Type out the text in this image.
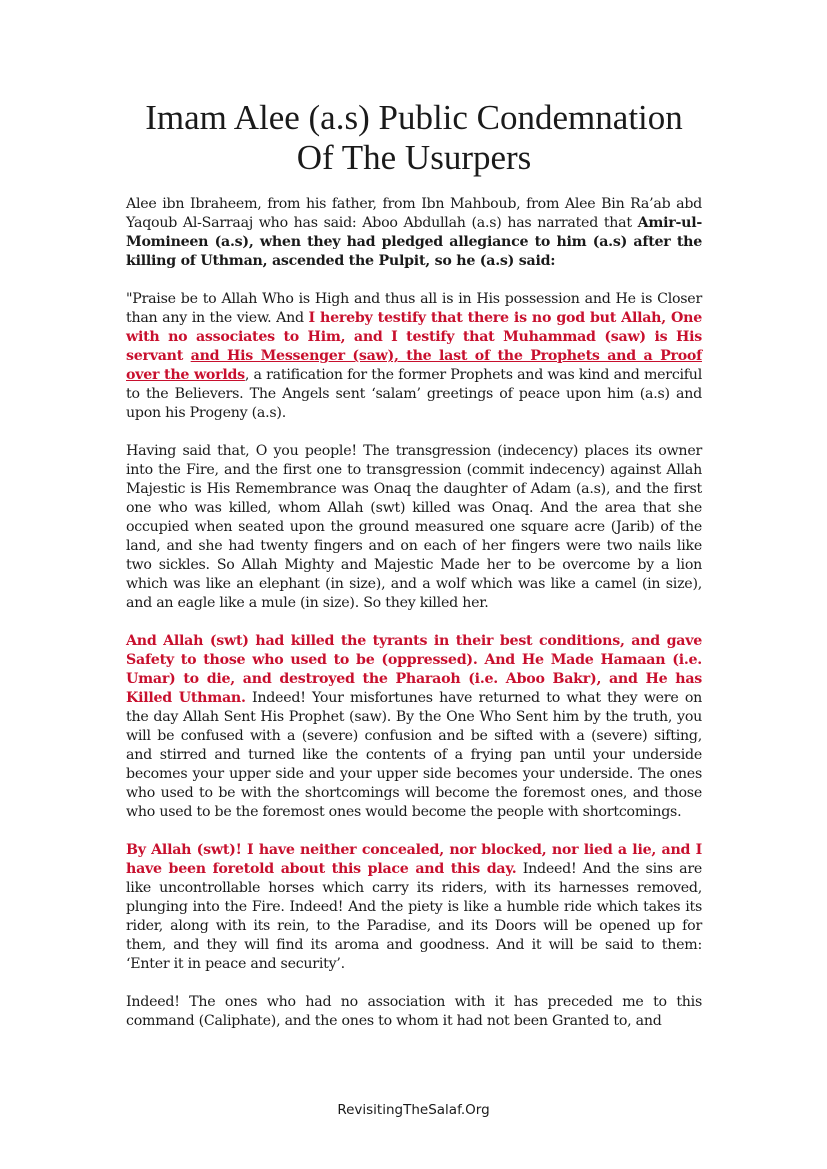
Imam Alee (a.s) Public Condemnation
Of The Usurpers

Alee ibn Ibraheem, from his father, from Ibn Mahboub, from Alee Bin Ra’ab abd Yaqoub Al-Sarraaj who has said: Aboo Abdullah (a.s) has narrated that Amir-ul-Momineen (a.s), when they had pledged allegiance to him (a.s) after the killing of Uthman, ascended the Pulpit, so he (a.s) said:

"Praise be to Allah Who is High and thus all is in His possession and He is Closer than any in the view. And I hereby testify that there is no god but Allah, One with no associates to Him, and I testify that Muhammad (saw) is His servant and His Messenger (saw), the last of the Prophets and a Proof over the worlds, a ratification for the former Prophets and was kind and merciful to the Believers. The Angels sent ‘salam’ greetings of peace upon him (a.s) and upon his Progeny (a.s).

Having said that, O you people! The transgression (indecency) places its owner into the Fire, and the first one to transgression (commit indecency) against Allah Majestic is His Remembrance was Onaq the daughter of Adam (a.s), and the first one who was killed, whom Allah (swt) killed was Onaq. And the area that she occupied when seated upon the ground measured one square acre (Jarib) of the land, and she had twenty fingers and on each of her fingers were two nails like two sickles. So Allah Mighty and Majestic Made her to be overcome by a lion which was like an elephant (in size), and a wolf which was like a camel (in size), and an eagle like a mule (in size). So they killed her.

And Allah (swt) had killed the tyrants in their best conditions, and gave Safety to those who used to be (oppressed). And He Made Hamaan (i.e. Umar) to die, and destroyed the Pharaoh (i.e. Aboo Bakr), and He has Killed Uthman. Indeed! Your misfortunes have returned to what they were on the day Allah Sent His Prophet (saw). By the One Who Sent him by the truth, you will be confused with a (severe) confusion and be sifted with a (severe) sifting, and stirred and turned like the contents of a frying pan until your underside becomes your upper side and your upper side becomes your underside. The ones who used to be with the shortcomings will become the foremost ones, and those who used to be the foremost ones would become the people with shortcomings.

By Allah (swt)! I have neither concealed, nor blocked, nor lied a lie, and I have been foretold about this place and this day. Indeed! And the sins are like uncontrollable horses which carry its riders, with its harnesses removed, plunging into the Fire. Indeed! And the piety is like a humble ride which takes its rider, along with its rein, to the Paradise, and its Doors will be opened up for them, and they will find its aroma and goodness. And it will be said to them: ‘Enter it in peace and security’.

Indeed! The ones who had no association with it has preceded me to this command (Caliphate), and the ones to whom it had not been Granted to, and

RevisitingTheSalaf.Org
